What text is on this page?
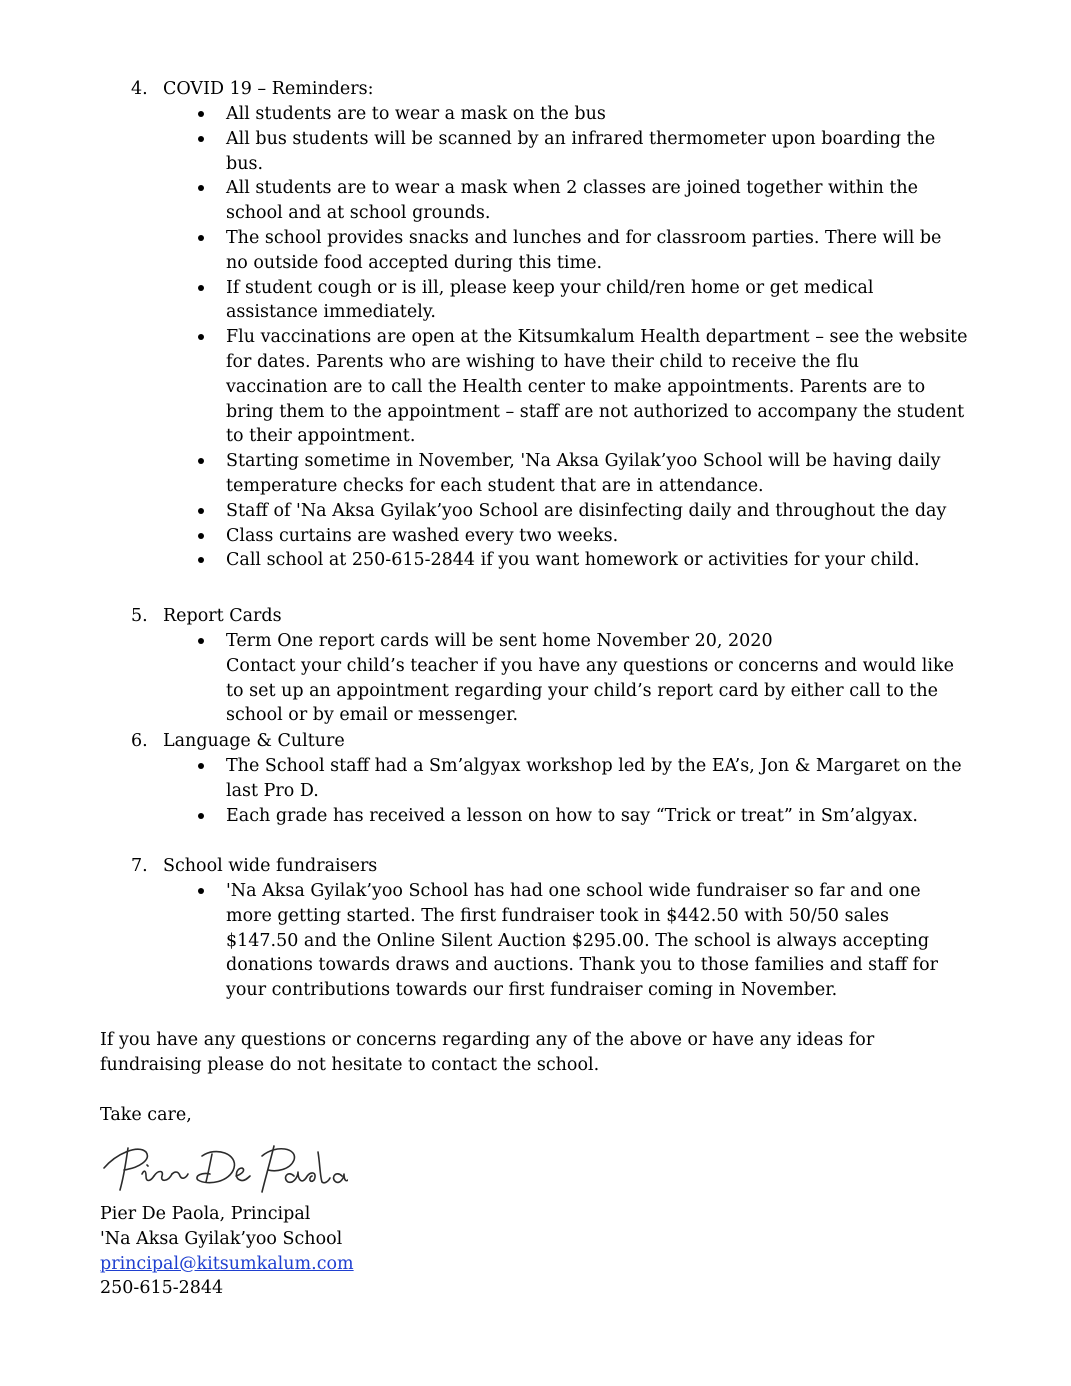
4. COVID 19 – Reminders:
All students are to wear a mask on the bus
All bus students will be scanned by an infrared thermometer upon boarding the
bus.
All students are to wear a mask when 2 classes are joined together within the
school and at school grounds.
The school provides snacks and lunches and for classroom parties. There will be
no outside food accepted during this time.
If student cough or is ill, please keep your child/ren home or get medical
assistance immediately.
Flu vaccinations are open at the Kitsumkalum Health department – see the website
for dates. Parents who are wishing to have their child to receive the flu
vaccination are to call the Health center to make appointments. Parents are to
bring them to the appointment – staff are not authorized to accompany the student
to their appointment.
Starting sometime in November, 'Na Aksa Gyilak’yoo School will be having daily
temperature checks for each student that are in attendance.
Staff of 'Na Aksa Gyilak’yoo School are disinfecting daily and throughout the day
Class curtains are washed every two weeks.
Call school at 250-615-2844 if you want homework or activities for your child.
5. Report Cards
Term One report cards will be sent home November 20, 2020
Contact your child’s teacher if you have any questions or concerns and would like
to set up an appointment regarding your child’s report card by either call to the
school or by email or messenger.
6. Language & Culture
The School staff had a Sm’algyax workshop led by the EA’s, Jon & Margaret on the
last Pro D.
Each grade has received a lesson on how to say “Trick or treat” in Sm’algyax.
7. School wide fundraisers
'Na Aksa Gyilak’yoo School has had one school wide fundraiser so far and one
more getting started. The first fundraiser took in $442.50 with 50/50 sales
$147.50 and the Online Silent Auction $295.00. The school is always accepting
donations towards draws and auctions. Thank you to those families and staff for
your contributions towards our first fundraiser coming in November.
If you have any questions or concerns regarding any of the above or have any ideas for
fundraising please do not hesitate to contact the school.
Take care,
Pier De Paola, Principal
'Na Aksa Gyilak’yoo School
principal@kitsumkalum.com
250-615-2844
